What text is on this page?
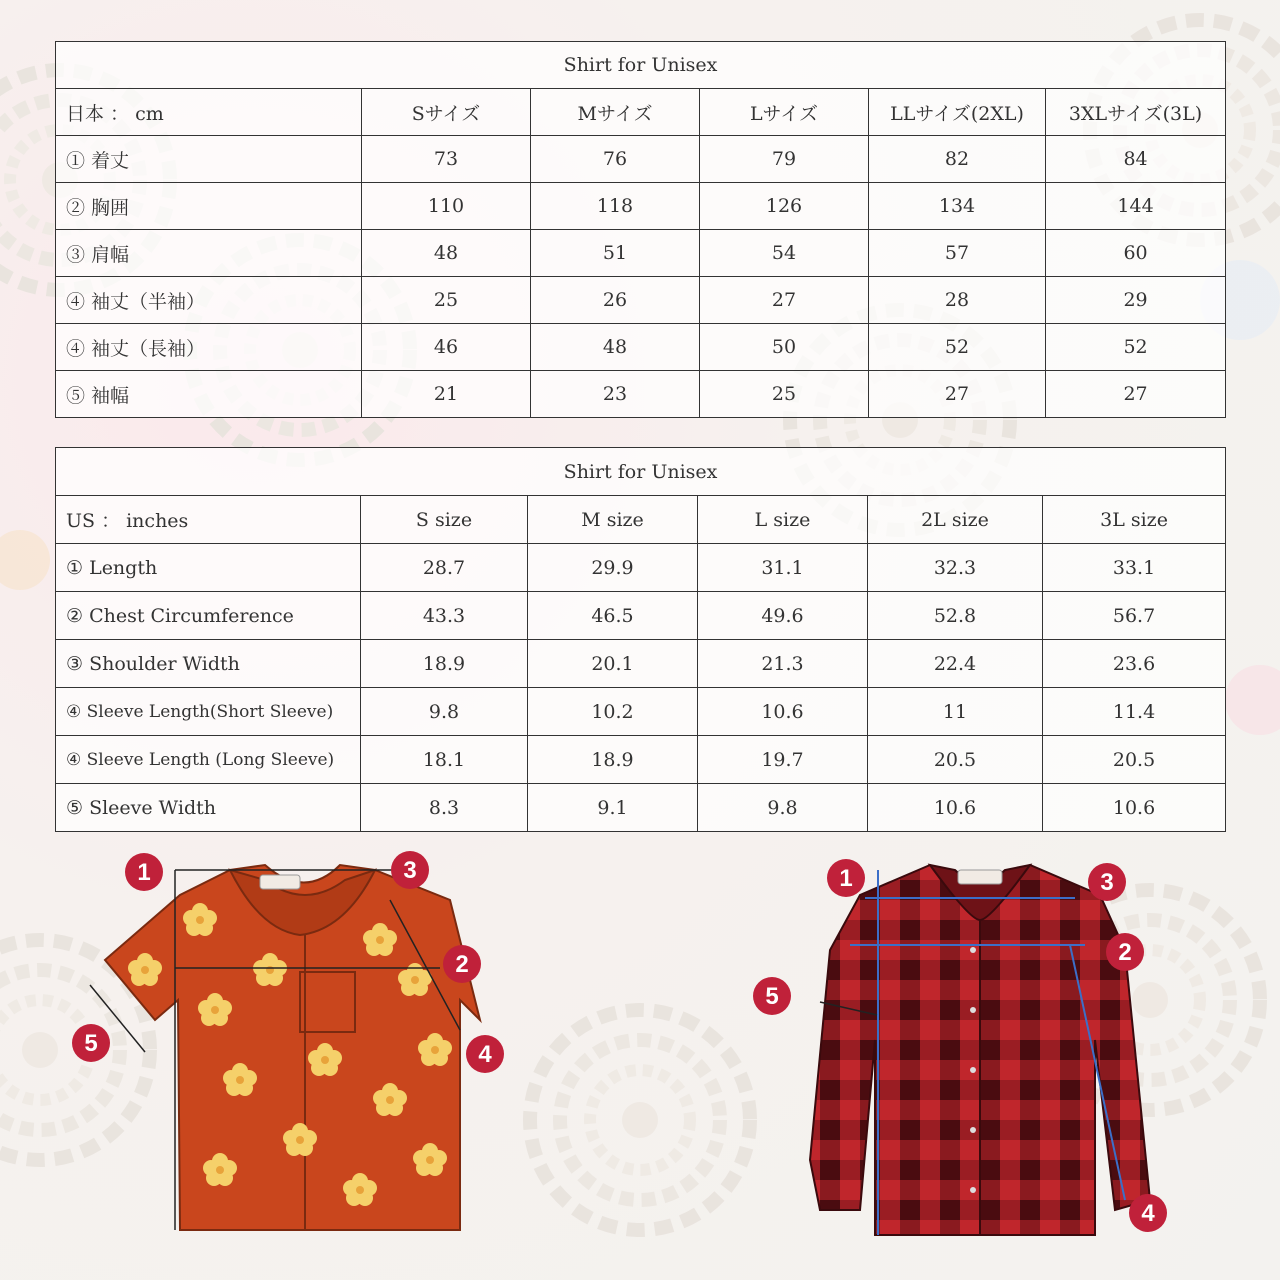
Shirt for Unisex					
日本 ： cm	Sサイズ	Mサイズ	Lサイズ	LLサイズ(2XL)	3XLサイズ(3L)
① 着丈	73	76	79	82	84
② 胸囲	110	118	126	134	144
③ 肩幅	48	51	54	57	60
④ 袖丈（半袖）	25	26	27	28	29
④ 袖丈（長袖）	46	48	50	52	52
⑤ 袖幅	21	23	25	27	27
Shirt for Unisex					
US ： inches	S size	M size	L size	2L size	3L size
① Length	28.7	29.9	31.1	32.3	33.1
② Chest Circumference	43.3	46.5	49.6	52.8	56.7
③ Shoulder Width	18.9	20.1	21.3	22.4	23.6
④ Sleeve Length(Short Sleeve)	9.8	10.2	10.6	11	11.4
④ Sleeve Length (Long Sleeve)	18.1	18.9	19.7	20.5	20.5
⑤ Sleeve Width	8.3	9.1	9.8	10.6	10.6
1	3
2
4
5
1	3
2
5
4
